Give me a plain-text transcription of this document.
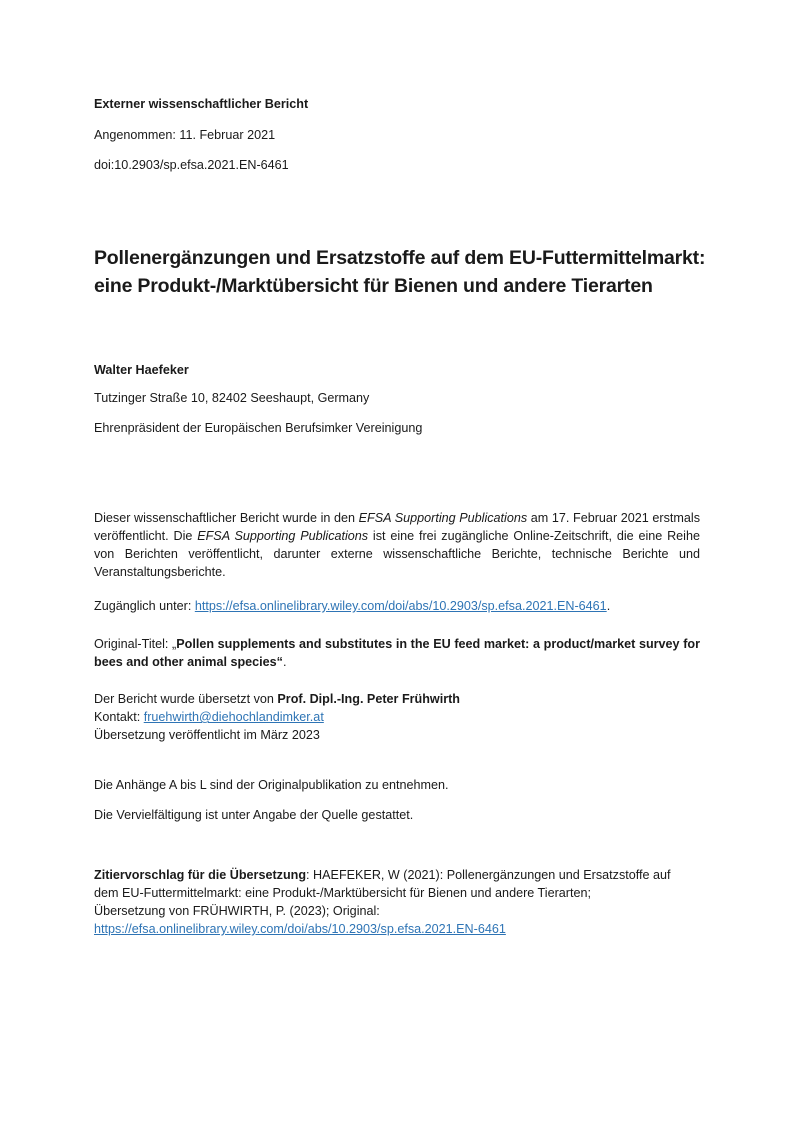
Externer wissenschaftlicher Bericht
Angenommen: 11. Februar 2021
doi:10.2903/sp.efsa.2021.EN-6461
Pollenergänzungen und Ersatzstoffe auf dem EU-Futtermittelmarkt:
eine Produkt-/Marktübersicht für Bienen und andere Tierarten
Walter Haefeker
Tutzinger Straße 10, 82402 Seeshaupt, Germany
Ehrenpräsident der Europäischen Berufsimker Vereinigung
Dieser wissenschaftlicher Bericht wurde in den EFSA Supporting Publications am 17. Februar 2021 erstmals veröffentlicht. Die EFSA Supporting Publications ist eine frei zugängliche Online-Zeitschrift, die eine Reihe von Berichten veröffentlicht, darunter externe wissenschaftliche Berichte, technische Berichte und Veranstaltungsberichte.
Zugänglich unter: https://efsa.onlinelibrary.wiley.com/doi/abs/10.2903/sp.efsa.2021.EN-6461.
Original-Titel: „Pollen supplements and substitutes in the EU feed market: a product/market survey for bees and other animal species“.
Der Bericht wurde übersetzt von Prof. Dipl.-Ing. Peter Frühwirth
Kontakt: fruehwirth@diehochlandimker.at
Übersetzung veröffentlicht im März 2023
Die Anhänge A bis L sind der Originalpublikation zu entnehmen.
Die Vervielfältigung ist unter Angabe der Quelle gestattet.
Zitiervorschlag für die Übersetzung: HAEFEKER, W (2021): Pollenergänzungen und Ersatzstoffe auf
dem EU-Futtermittelmarkt: eine Produkt-/Marktübersicht für Bienen und andere Tierarten;
Übersetzung von FRÜHWIRTH, P. (2023); Original:
https://efsa.onlinelibrary.wiley.com/doi/abs/10.2903/sp.efsa.2021.EN-6461
